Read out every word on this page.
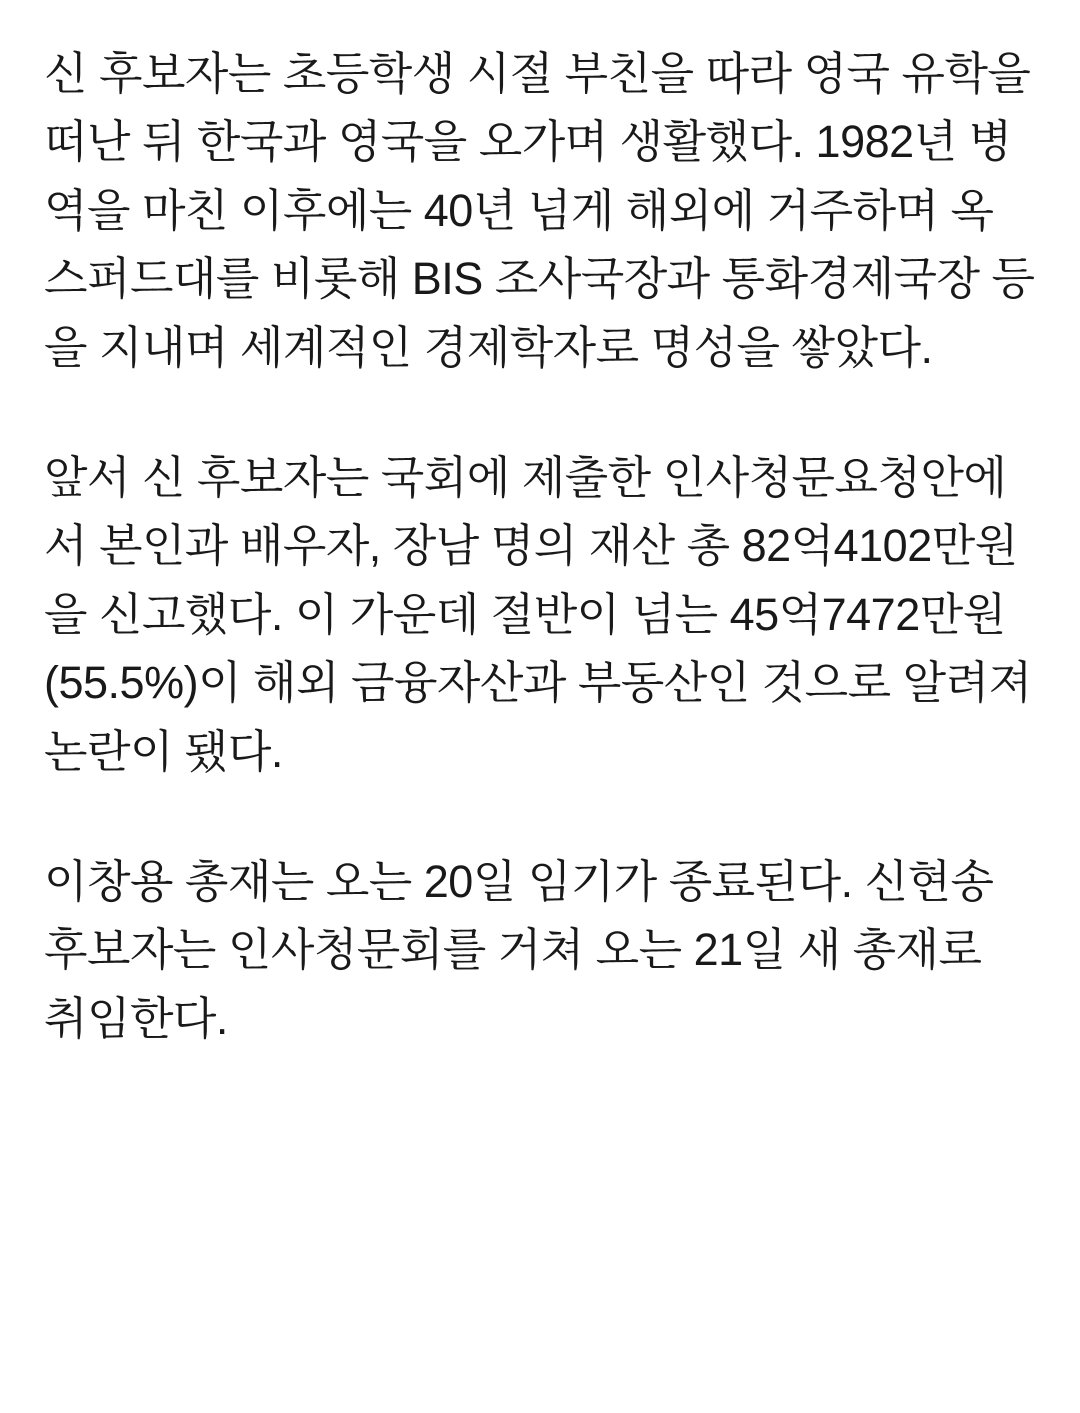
신 후보자는 초등학생 시절 부친을 따라 영국 유학을 떠난 뒤 한국과 영국을 오가며 생활했다. 1982년 병역을 마친 이후에는 40년 넘게 해외에 거주하며 옥스퍼드대를 비롯해 BIS 조사국장과 통화경제국장 등을 지내며 세계적인 경제학자로 명성을 쌓았다.

앞서 신 후보자는 국회에 제출한 인사청문요청안에서 본인과 배우자, 장남 명의 재산 총 82억4102만원을 신고했다. 이 가운데 절반이 넘는 45억7472만원(55.5%)이 해외 금융자산과 부동산인 것으로 알려져 논란이 됐다.

이창용 총재는 오는 20일 임기가 종료된다. 신현송 후보자는 인사청문회를 거쳐 오는 21일 새 총재로 취임한다.
